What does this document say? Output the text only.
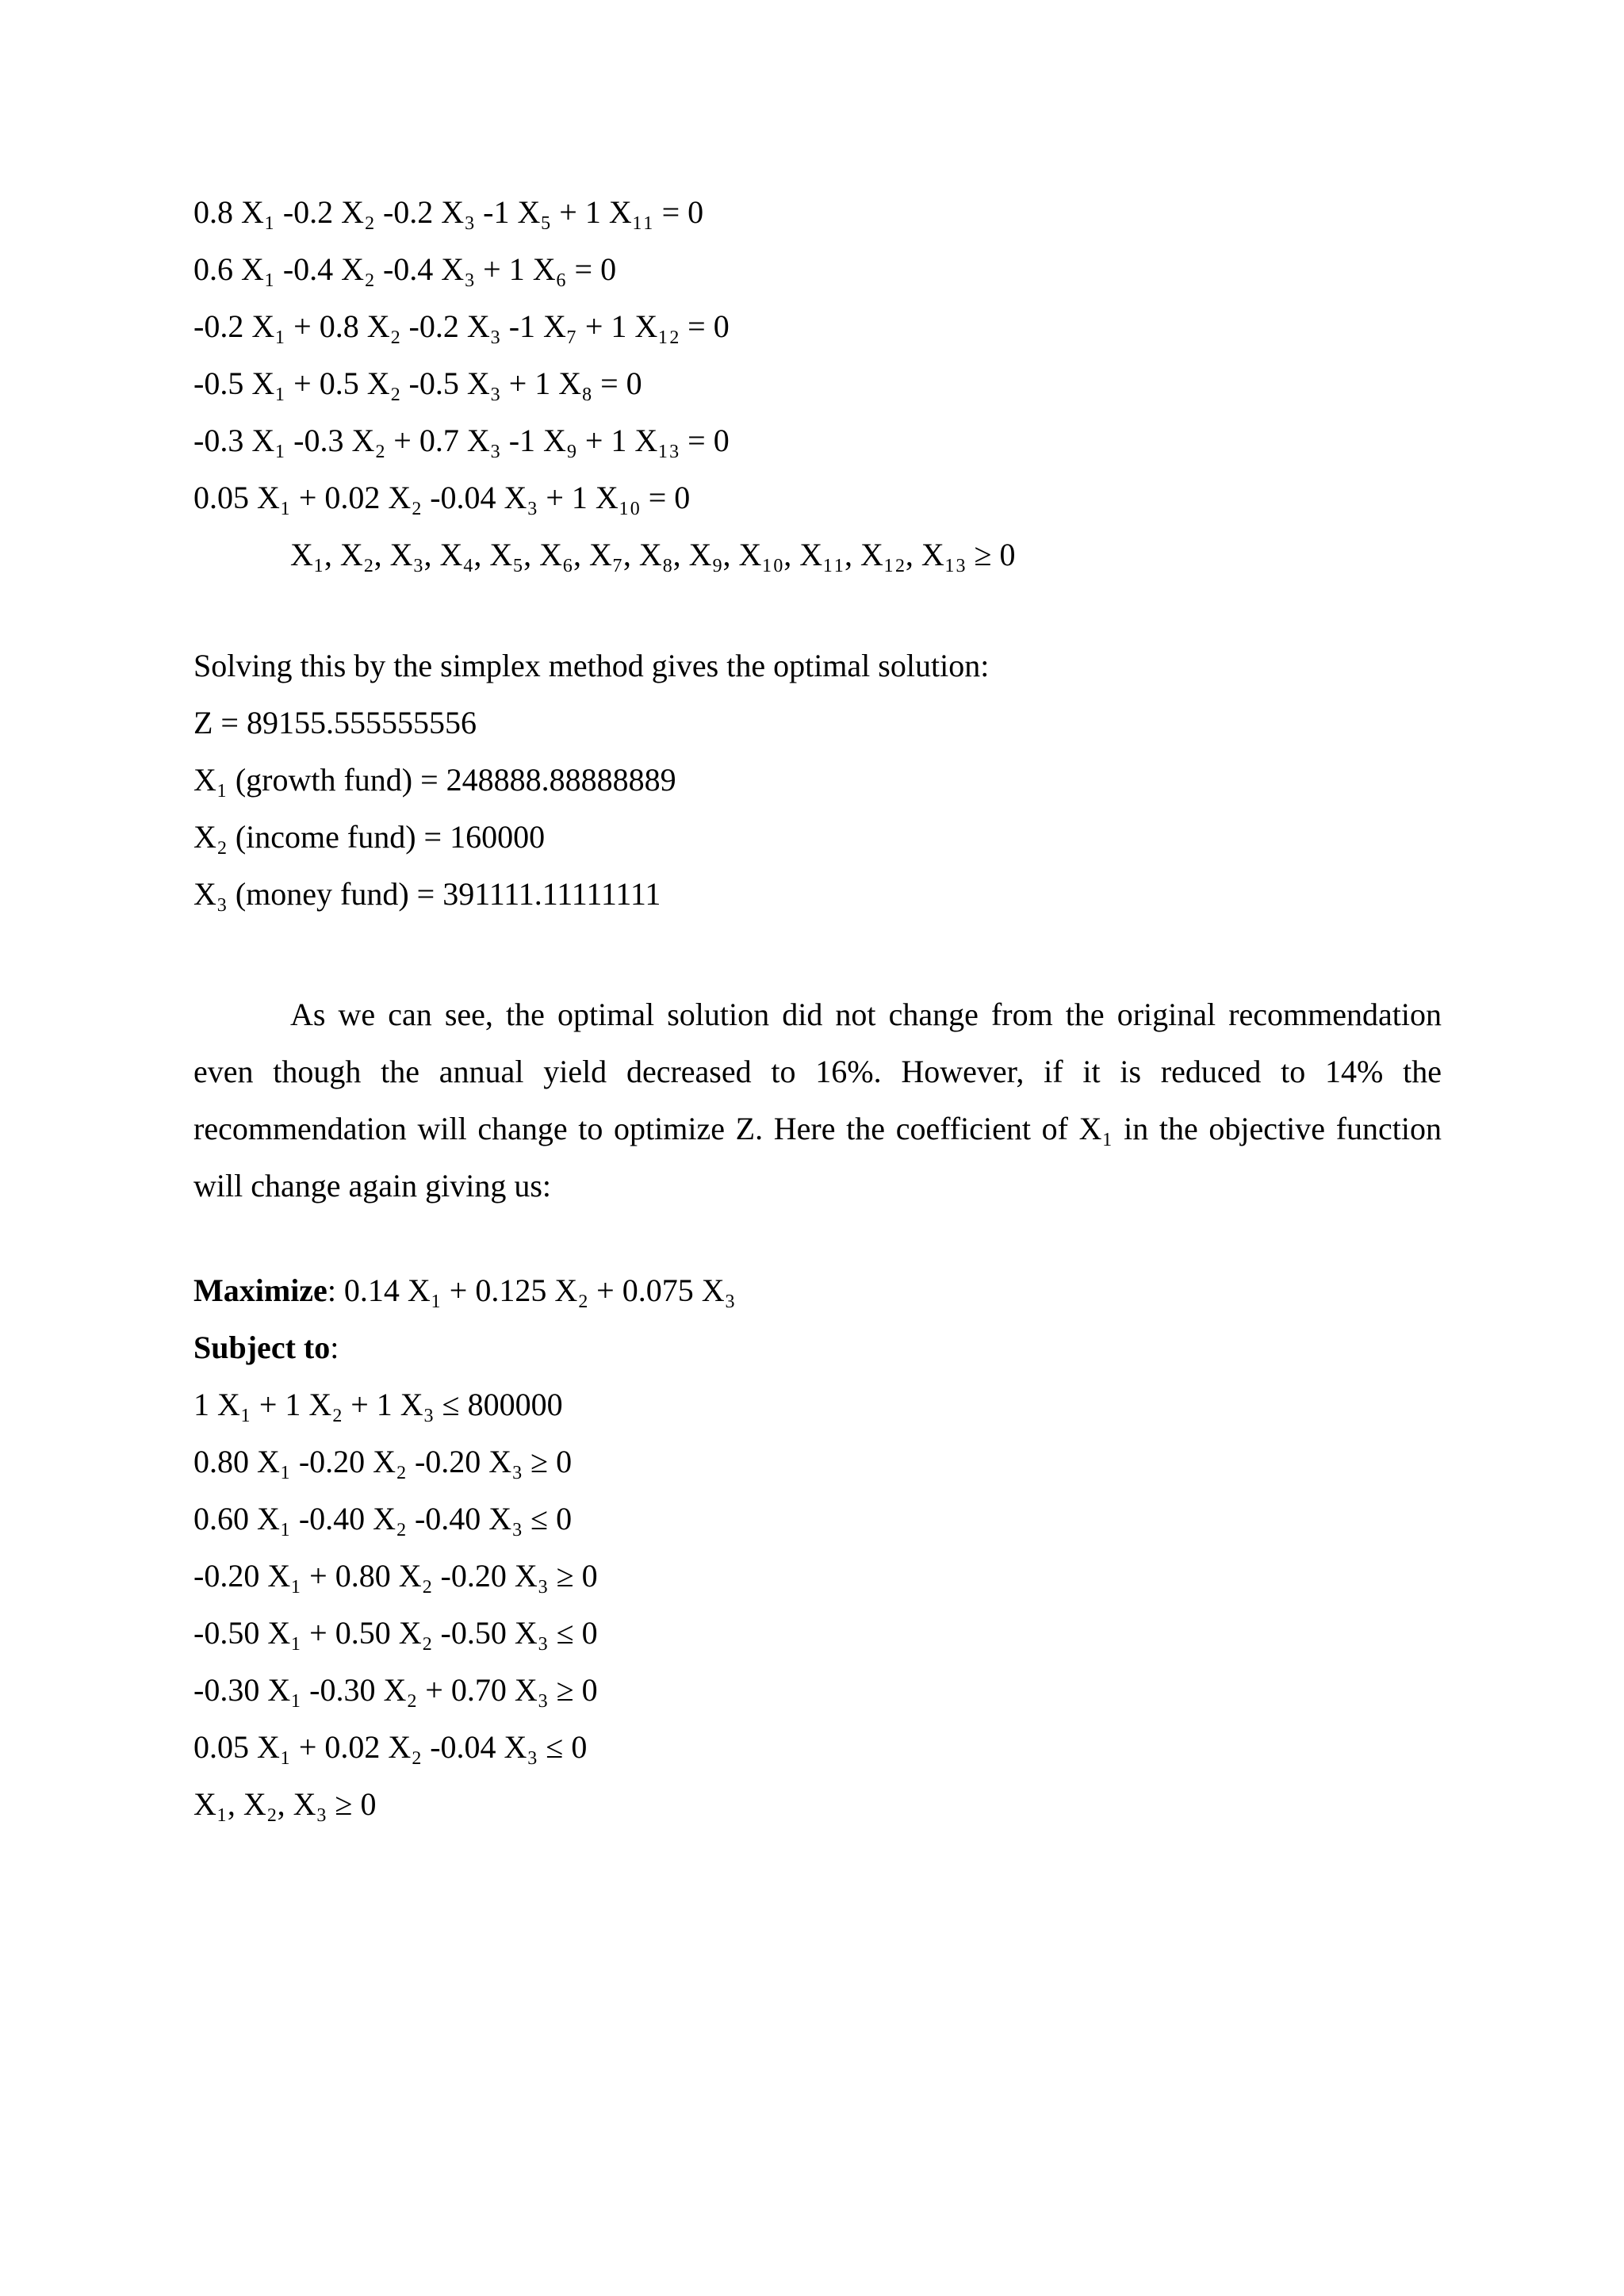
0.8 X₁ -0.2 X₂ -0.2 X₃ -1 X₅ + 1 X₁₁ = 0
0.6 X₁ -0.4 X₂ -0.4 X₃ + 1 X₆ = 0
-0.2 X₁ + 0.8 X₂ -0.2 X₃ -1 X₇ + 1 X₁₂ = 0
-0.5 X₁ + 0.5 X₂ -0.5 X₃ + 1 X₈ = 0
-0.3 X₁ -0.3 X₂ + 0.7 X₃ -1 X₉ + 1 X₁₃ = 0
0.05 X₁ + 0.02 X₂ -0.04 X₃ + 1 X₁₀ = 0
X₁, X₂, X₃, X₄, X₅, X₆, X₇, X₈, X₉, X₁₀, X₁₁, X₁₂, X₁₃ ≥ 0
Solving this by the simplex method gives the optimal solution:
Z = 89155.555555556
X₁ (growth fund) = 248888.88888889
X₂ (income fund) = 160000
X₃ (money fund) = 391111.11111111
As we can see, the optimal solution did not change from the original recommendation even though the annual yield decreased to 16%. However, if it is reduced to 14% the recommendation will change to optimize Z. Here the coefficient of X₁ in the objective function will change again giving us:
Maximize: 0.14 X₁ + 0.125 X₂ + 0.075 X₃
Subject to:
1 X₁ + 1 X₂ + 1 X₃ ≤ 800000
0.80 X₁ -0.20 X₂ -0.20 X₃ ≥ 0
0.60 X₁ -0.40 X₂ -0.40 X₃ ≤ 0
-0.20 X₁ + 0.80 X₂ -0.20 X₃ ≥ 0
-0.50 X₁ + 0.50 X₂ -0.50 X₃ ≤ 0
-0.30 X₁ -0.30 X₂ + 0.70 X₃ ≥ 0
0.05 X₁ + 0.02 X₂ -0.04 X₃ ≤ 0
X₁, X₂, X₃ ≥ 0
